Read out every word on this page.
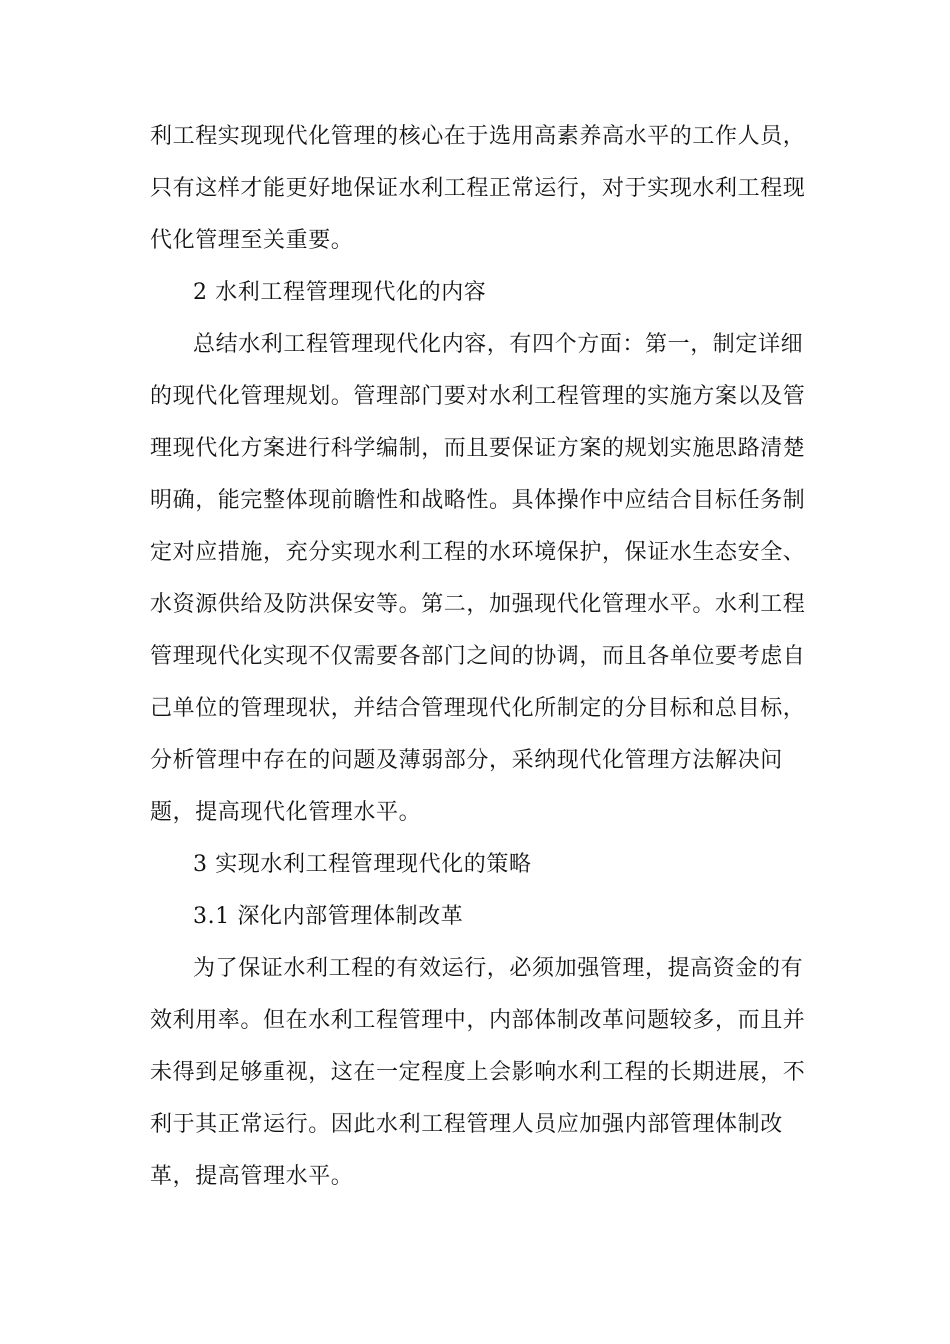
利工程实现现代化管理的核心在于选用高素养高水平的工作人员，
只有这样才能更好地保证水利工程正常运行，对于实现水利工程现
代化管理至关重要。
2 水利工程管理现代化的内容
总结水利工程管理现代化内容，有四个方面：第一，制定详细
的现代化管理规划。管理部门要对水利工程管理的实施方案以及管
理现代化方案进行科学编制，而且要保证方案的规划实施思路清楚
明确，能完整体现前瞻性和战略性。具体操作中应结合目标任务制
定对应措施，充分实现水利工程的水环境保护，保证水生态安全、
水资源供给及防洪保安等。第二，加强现代化管理水平。水利工程
管理现代化实现不仅需要各部门之间的协调，而且各单位要考虑自
己单位的管理现状，并结合管理现代化所制定的分目标和总目标，
分析管理中存在的问题及薄弱部分，采纳现代化管理方法解决问
题，提高现代化管理水平。
3 实现水利工程管理现代化的策略
3.1 深化内部管理体制改革
为了保证水利工程的有效运行，必须加强管理，提高资金的有
效利用率。但在水利工程管理中，内部体制改革问题较多，而且并
未得到足够重视，这在一定程度上会影响水利工程的长期进展，不
利于其正常运行。因此水利工程管理人员应加强内部管理体制改
革，提高管理水平。
